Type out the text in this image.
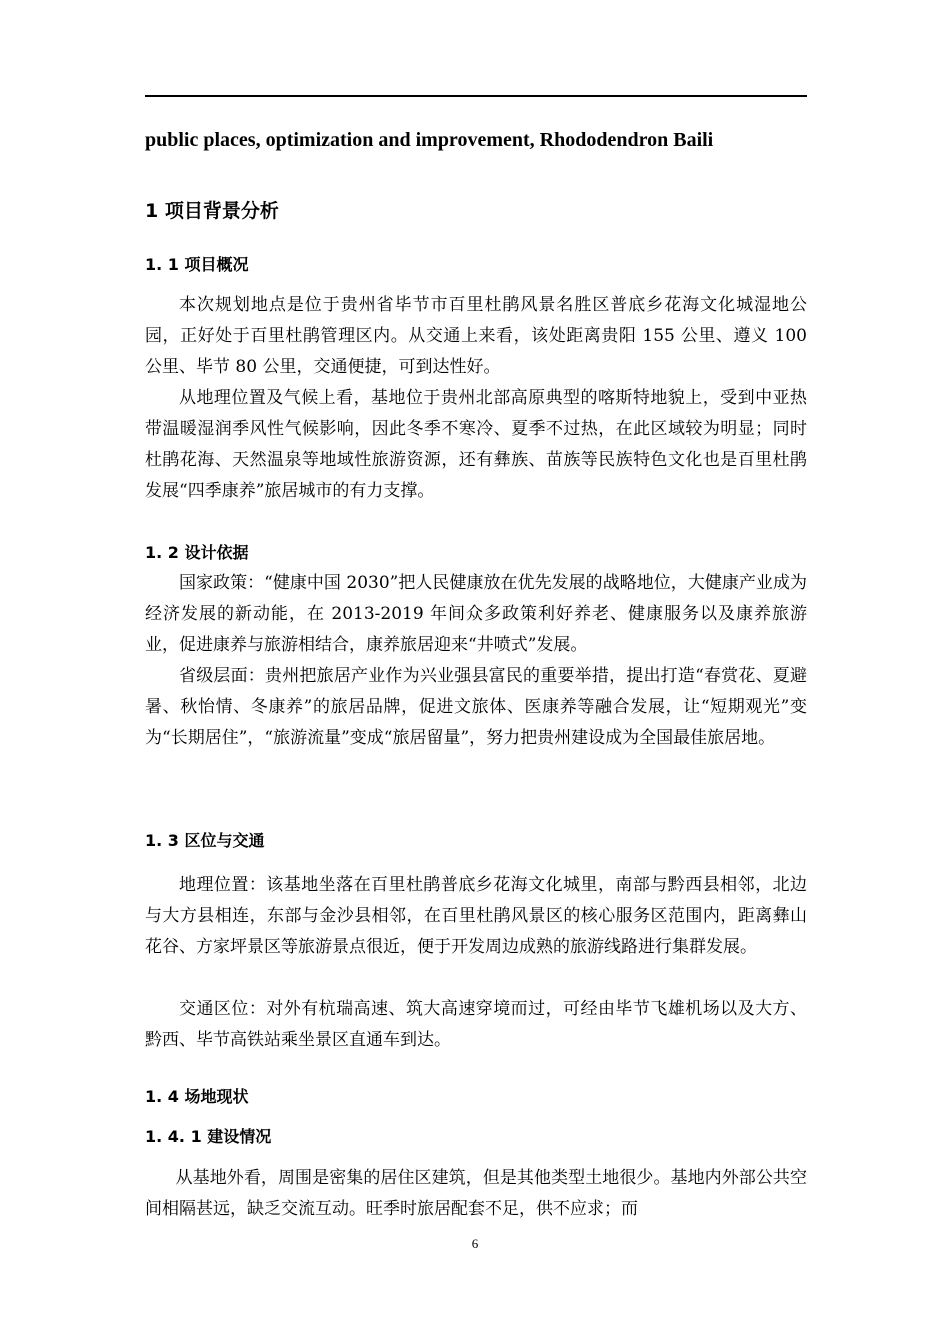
public places, optimization and improvement, Rhododendron Baili

1 项目背景分析
1. 1 项目概况

本次规划地点是位于贵州省毕节市百里杜鹃风景名胜区普底乡花海文化城湿地公园，正好处于百里杜鹃管理区内。从交通上来看，该处距离贵阳 155 公里、遵义 100 公里、毕节 80 公里，交通便捷，可到达性好。

从地理位置及气候上看，基地位于贵州北部高原典型的喀斯特地貌上，受到中亚热带温暖湿润季风性气候影响，因此冬季不寒冷、夏季不过热，在此区域较为明显；同时杜鹃花海、天然温泉等地域性旅游资源，还有彝族、苗族等民族特色文化也是百里杜鹃发展“四季康养”旅居城市的有力支撑。

1. 2 设计依据

国家政策：“健康中国 2030”把人民健康放在优先发展的战略地位，大健康产业成为经济发展的新动能，在 2013-2019 年间众多政策利好养老、健康服务以及康养旅游业，促进康养与旅游相结合，康养旅居迎来“井喷式”发展。

省级层面：贵州把旅居产业作为兴业强县富民的重要举措，提出打造“春赏花、夏避暑、秋怡情、冬康养”的旅居品牌，促进文旅体、医康养等融合发展，让“短期观光”变为“长期居住”，“旅游流量”变成“旅居留量”，努力把贵州建设成为全国最佳旅居地。

1. 3 区位与交通

地理位置：该基地坐落在百里杜鹃普底乡花海文化城里，南部与黔西县相邻，北边与大方县相连，东部与金沙县相邻，在百里杜鹃风景区的核心服务区范围内，距离彝山花谷、方家坪景区等旅游景点很近，便于开发周边成熟的旅游线路进行集群发展。

交通区位：对外有杭瑞高速、筑大高速穿境而过，可经由毕节飞雄机场以及大方、黔西、毕节高铁站乘坐景区直通车到达。

1. 4 场地现状
1. 4. 1 建设情况

从基地外看，周围是密集的居住区建筑，但是其他类型土地很少。基地内外部公共空间相隔甚远，缺乏交流互动。旺季时旅居配套不足，供不应求；而

6
